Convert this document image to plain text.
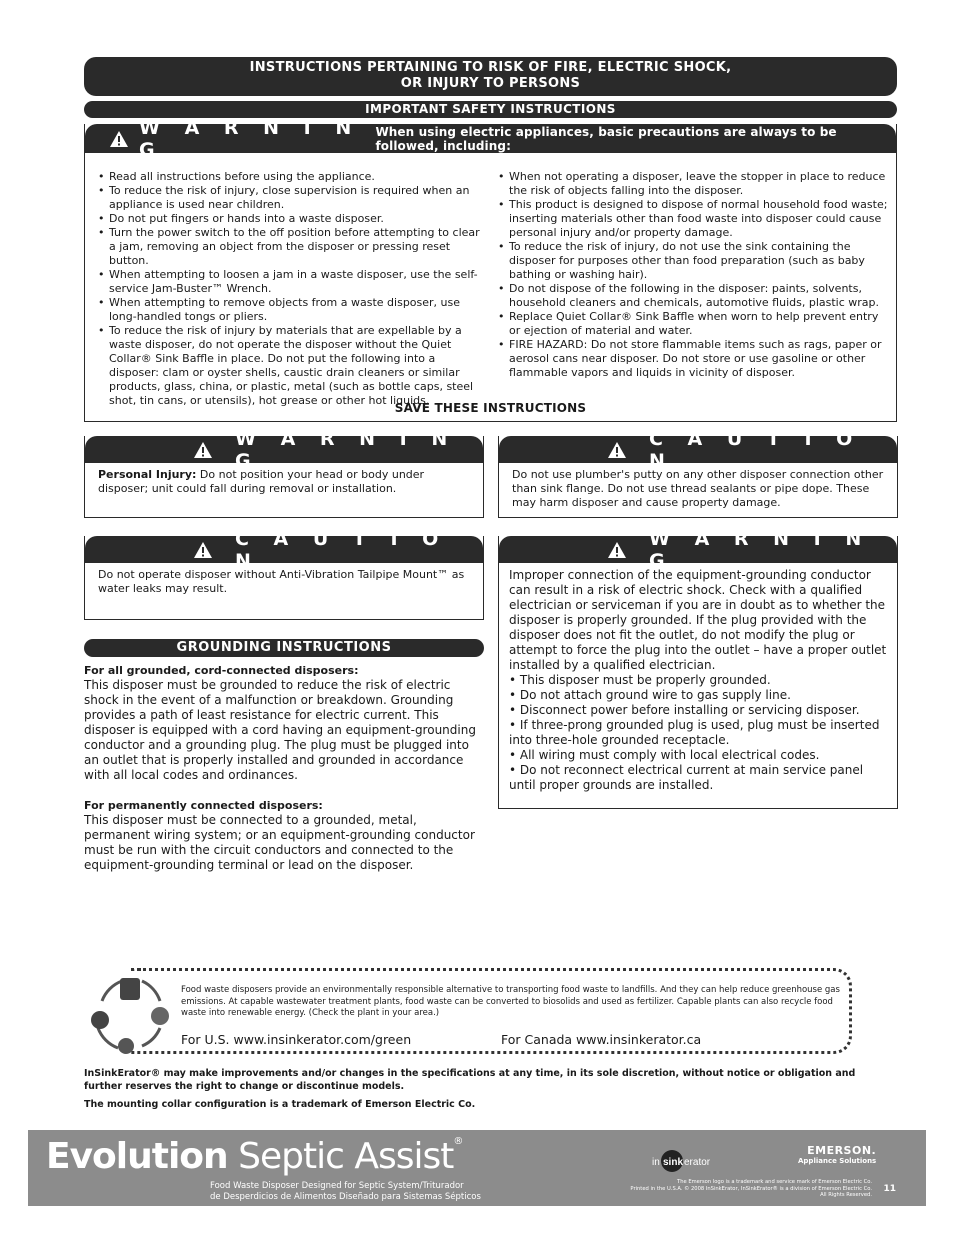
INSTRUCTIONS PERTAINING TO RISK OF FIRE, ELECTRIC SHOCK,
OR INJURY TO PERSONS
IMPORTANT SAFETY INSTRUCTIONS
W A R N I N G
When using electric appliances, basic precautions are always to be followed, including:
• Read all instructions before using the appliance.
• To reduce the risk of injury, close supervision is required when an appliance is used near children.
• Do not put fingers or hands into a waste disposer.
• Turn the power switch to the off position before attempting to clear a jam, removing an object from the disposer or pressing reset button.
• When attempting to loosen a jam in a waste disposer, use the self-service Jam-Buster™ Wrench.
• When attempting to remove objects from a waste disposer, use long-handled tongs or pliers.
• To reduce the risk of injury by materials that are expellable by a waste disposer, do not operate the disposer without the Quiet Collar® Sink Baffle in place. Do not put the following into a disposer: clam or oyster shells, caustic drain cleaners or similar products, glass, china, or plastic, metal (such as bottle caps, steel shot, tin cans, or utensils), hot grease or other hot liquids.
• When not operating a disposer, leave the stopper in place to reduce the risk of objects falling into the disposer.
• This product is designed to dispose of normal household food waste; inserting materials other than food waste into disposer could cause personal injury and/or property damage.
• To reduce the risk of injury, do not use the sink containing the disposer for purposes other than food preparation (such as baby bathing or washing hair).
• Do not dispose of the following in the disposer: paints, solvents, household cleaners and chemicals, automotive fluids, plastic wrap.
• Replace Quiet Collar® Sink Baffle when worn to help prevent entry or ejection of material and water.
• FIRE HAZARD: Do not store flammable items such as rags, paper or aerosol cans near disposer. Do not store or use gasoline or other flammable vapors and liquids in vicinity of disposer.
SAVE THESE INSTRUCTIONS
W A R N I N G
Personal Injury: Do not position your head or body under disposer; unit could fall during removal or installation.
C A U T I O N
Do not use plumber's putty on any other disposer connection other than sink flange. Do not use thread sealants or pipe dope. These may harm disposer and cause property damage.
C A U T I O N
Do not operate disposer without Anti-Vibration Tailpipe Mount™ as water leaks may result.
W A R N I N G
Improper connection of the equipment-grounding conductor can result in a risk of electric shock. Check with a qualified electrician or serviceman if you are in doubt as to whether the disposer is properly grounded. If the plug provided with the disposer does not fit the outlet, do not modify the plug or attempt to force the plug into the outlet – have a proper outlet installed by a qualified electrician.
• This disposer must be properly grounded.
• Do not attach ground wire to gas supply line.
• Disconnect power before installing or servicing disposer.
• If three-prong grounded plug is used, plug must be inserted into three-hole grounded receptacle.
• All wiring must comply with local electrical codes.
• Do not reconnect electrical current at main service panel until proper grounds are installed.
GROUNDING INSTRUCTIONS
For all grounded, cord-connected disposers:
This disposer must be grounded to reduce the risk of electric shock in the event of a malfunction or breakdown. Grounding provides a path of least resistance for electric current. This disposer is equipped with a cord having an equipment-grounding conductor and a grounding plug. The plug must be plugged into an outlet that is properly installed and grounded in accordance with all local codes and ordinances.
For permanently connected disposers:
This disposer must be connected to a grounded, metal, permanent wiring system; or an equipment-grounding conductor must be run with the circuit conductors and connected to the equipment-grounding terminal or lead on the disposer.
Food waste disposers provide an environmentally responsible alternative to transporting food waste to landfills. And they can help reduce greenhouse gas emissions. At capable wastewater treatment plants, food waste can be converted to biosolids and used as fertilizer. Capable plants can also recycle food waste into renewable energy. (Check the plant in your area.)
For U.S. www.insinkerator.com/green	For Canada www.insinkerator.ca
InSinkErator® may make improvements and/or changes in the specifications at any time, in its sole discretion, without notice or obligation and further reserves the right to change or discontinue models.
The mounting collar configuration is a trademark of Emerson Electric Co.
Evolution Septic Assist®
Food Waste Disposer Designed for Septic System/Triturador
de Desperdicios de Alimentos Diseñado para Sistemas Sépticos
in sink erator
EMERSON.
Appliance Solutions
The Emerson logo is a trademark and service mark of Emerson Electric Co.
Printed in the U.S.A. © 2008 InSinkErator, InSinkErator® is a division of Emerson Electric Co.
All Rights Reserved.
11
